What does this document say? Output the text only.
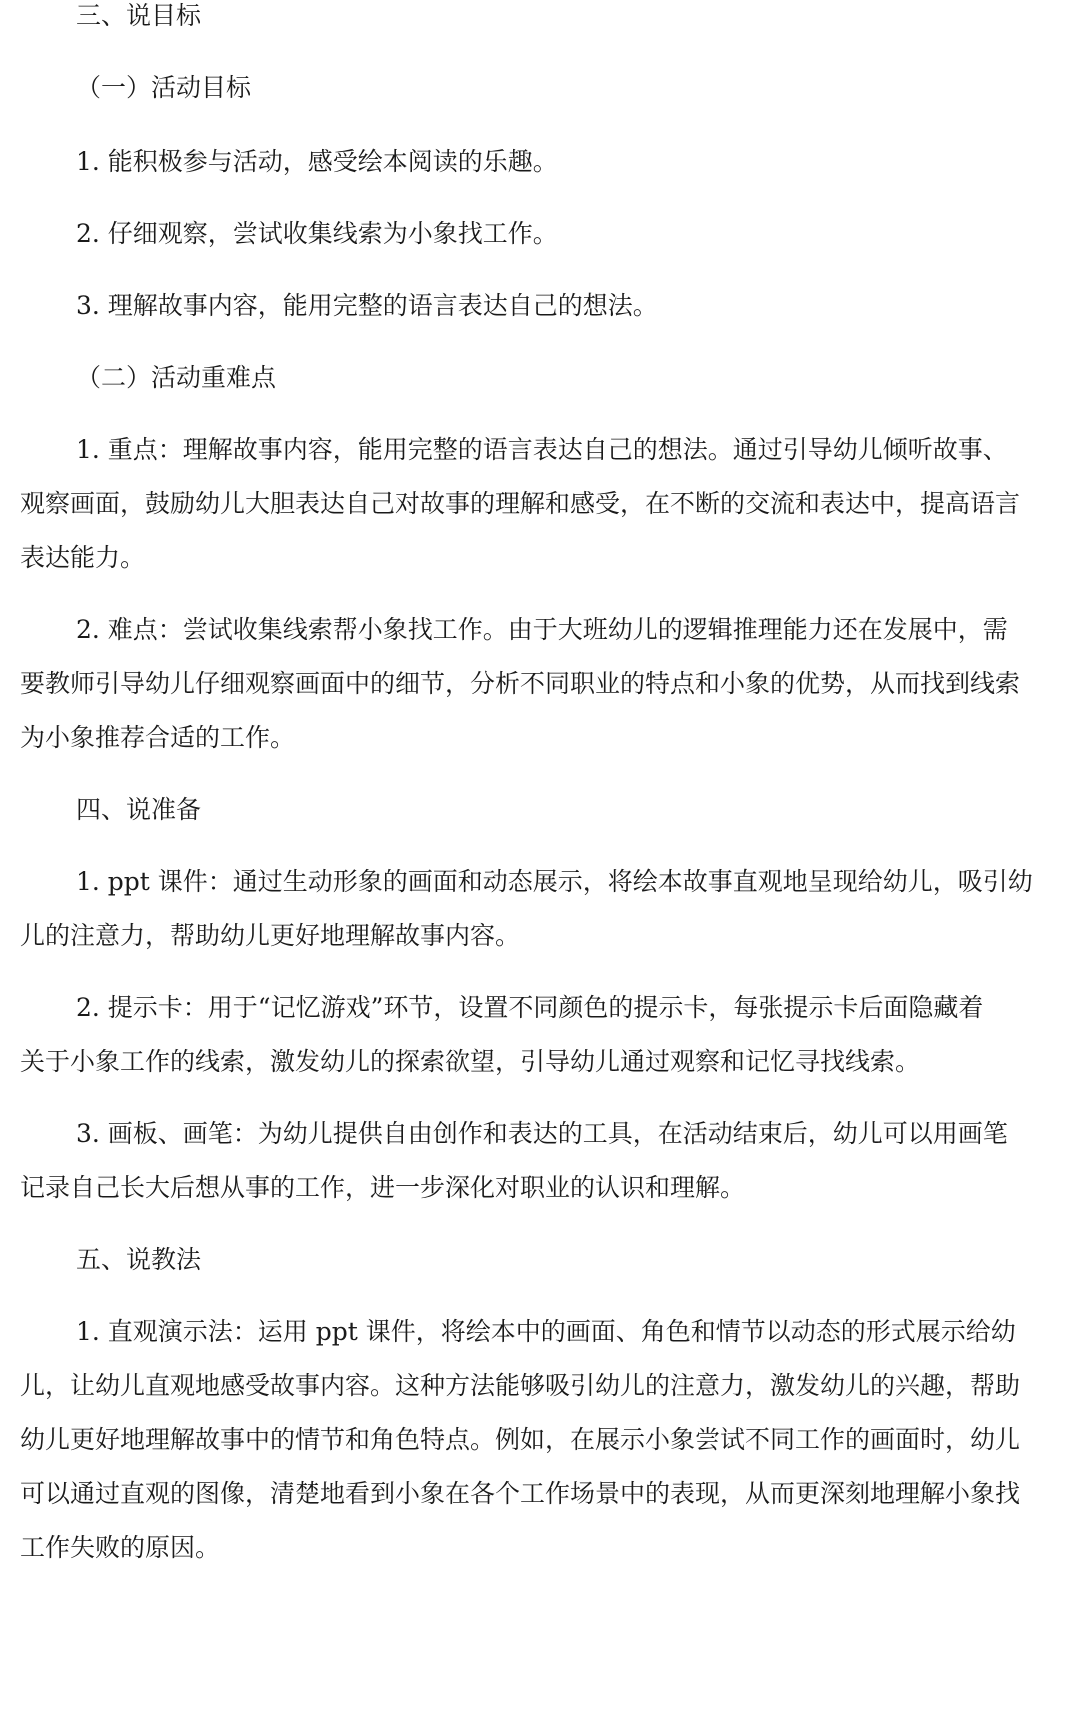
三、说目标
（一）活动目标
1. 能积极参与活动，感受绘本阅读的乐趣。
2. 仔细观察，尝试收集线索为小象找工作。
3. 理解故事内容，能用完整的语言表达自己的想法。
（二）活动重难点
1. 重点：理解故事内容，能用完整的语言表达自己的想法。通过引导幼儿倾听故事、
观察画面，鼓励幼儿大胆表达自己对故事的理解和感受，在不断的交流和表达中，提高语言
表达能力。
2. 难点：尝试收集线索帮小象找工作。由于大班幼儿的逻辑推理能力还在发展中，需
要教师引导幼儿仔细观察画面中的细节，分析不同职业的特点和小象的优势，从而找到线索
为小象推荐合适的工作。
四、说准备
1. ppt 课件：通过生动形象的画面和动态展示，将绘本故事直观地呈现给幼儿，吸引幼
儿的注意力，帮助幼儿更好地理解故事内容。
2. 提示卡：用于“记忆游戏”环节，设置不同颜色的提示卡，每张提示卡后面隐藏着
关于小象工作的线索，激发幼儿的探索欲望，引导幼儿通过观察和记忆寻找线索。
3. 画板、画笔：为幼儿提供自由创作和表达的工具，在活动结束后，幼儿可以用画笔
记录自己长大后想从事的工作，进一步深化对职业的认识和理解。
五、说教法
1. 直观演示法：运用 ppt 课件，将绘本中的画面、角色和情节以动态的形式展示给幼
儿，让幼儿直观地感受故事内容。这种方法能够吸引幼儿的注意力，激发幼儿的兴趣，帮助
幼儿更好地理解故事中的情节和角色特点。例如，在展示小象尝试不同工作的画面时，幼儿
可以通过直观的图像，清楚地看到小象在各个工作场景中的表现，从而更深刻地理解小象找
工作失败的原因。
